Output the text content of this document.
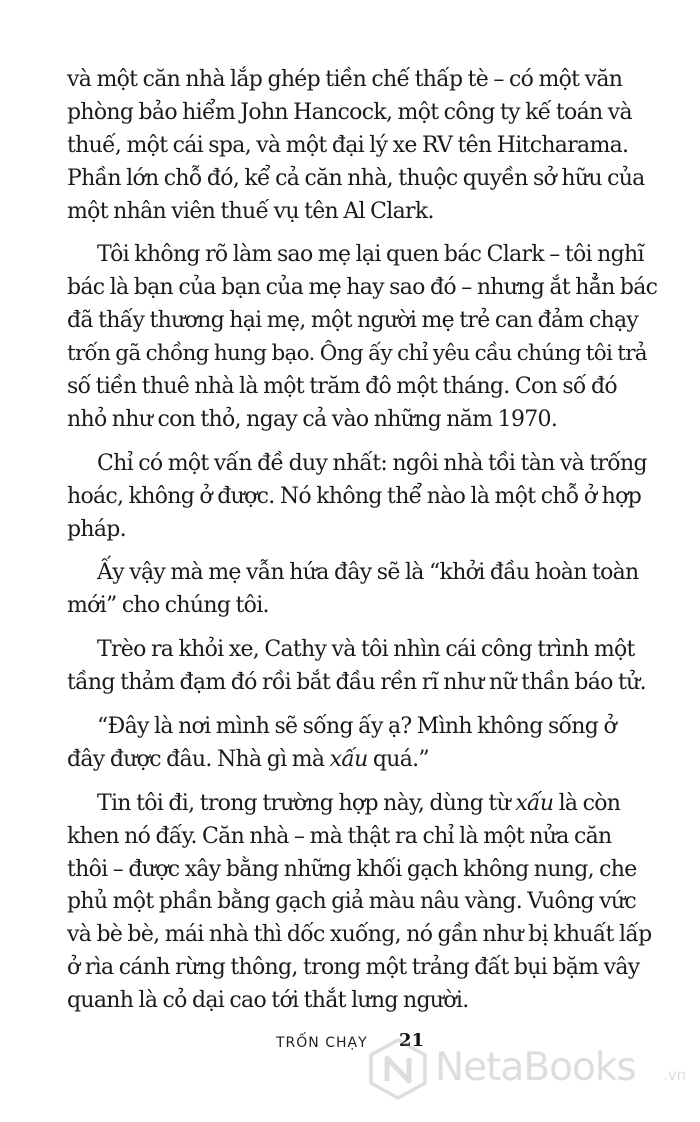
và một căn nhà lắp ghép tiền chế thấp tè – có một văn
phòng bảo hiểm John Hancock, một công ty kế toán và
thuế, một cái spa, và một đại lý xe RV tên Hitcharama.
Phần lớn chỗ đó, kể cả căn nhà, thuộc quyền sở hữu của
một nhân viên thuế vụ tên Al Clark.
Tôi không rõ làm sao mẹ lại quen bác Clark – tôi nghĩ
bác là bạn của bạn của mẹ hay sao đó – nhưng ắt hẳn bác
đã thấy thương hại mẹ, một người mẹ trẻ can đảm chạy
trốn gã chồng hung bạo. Ông ấy chỉ yêu cầu chúng tôi trả
số tiền thuê nhà là một trăm đô một tháng. Con số đó
nhỏ như con thỏ, ngay cả vào những năm 1970.
Chỉ có một vấn đề duy nhất: ngôi nhà tồi tàn và trống
hoác, không ở được. Nó không thể nào là một chỗ ở hợp
pháp.
Ấy vậy mà mẹ vẫn hứa đây sẽ là “khởi đầu hoàn toàn
mới” cho chúng tôi.
Trèo ra khỏi xe, Cathy và tôi nhìn cái công trình một
tầng thảm đạm đó rồi bắt đầu rền rĩ như nữ thần báo tử.
“Đây là nơi mình sẽ sống ấy ạ? Mình không sống ở
đây được đâu. Nhà gì mà xấu quá.”
Tin tôi đi, trong trường hợp này, dùng từ xấu là còn
khen nó đấy. Căn nhà – mà thật ra chỉ là một nửa căn
thôi – được xây bằng những khối gạch không nung, che
phủ một phần bằng gạch giả màu nâu vàng. Vuông vức
và bè bè, mái nhà thì dốc xuống, nó gần như bị khuất lấp
ở rìa cánh rừng thông, trong một trảng đất bụi bặm vây
quanh là cỏ dại cao tới thắt lưng người.
TRỐN CHẠY 21
NetaBooks .vn
